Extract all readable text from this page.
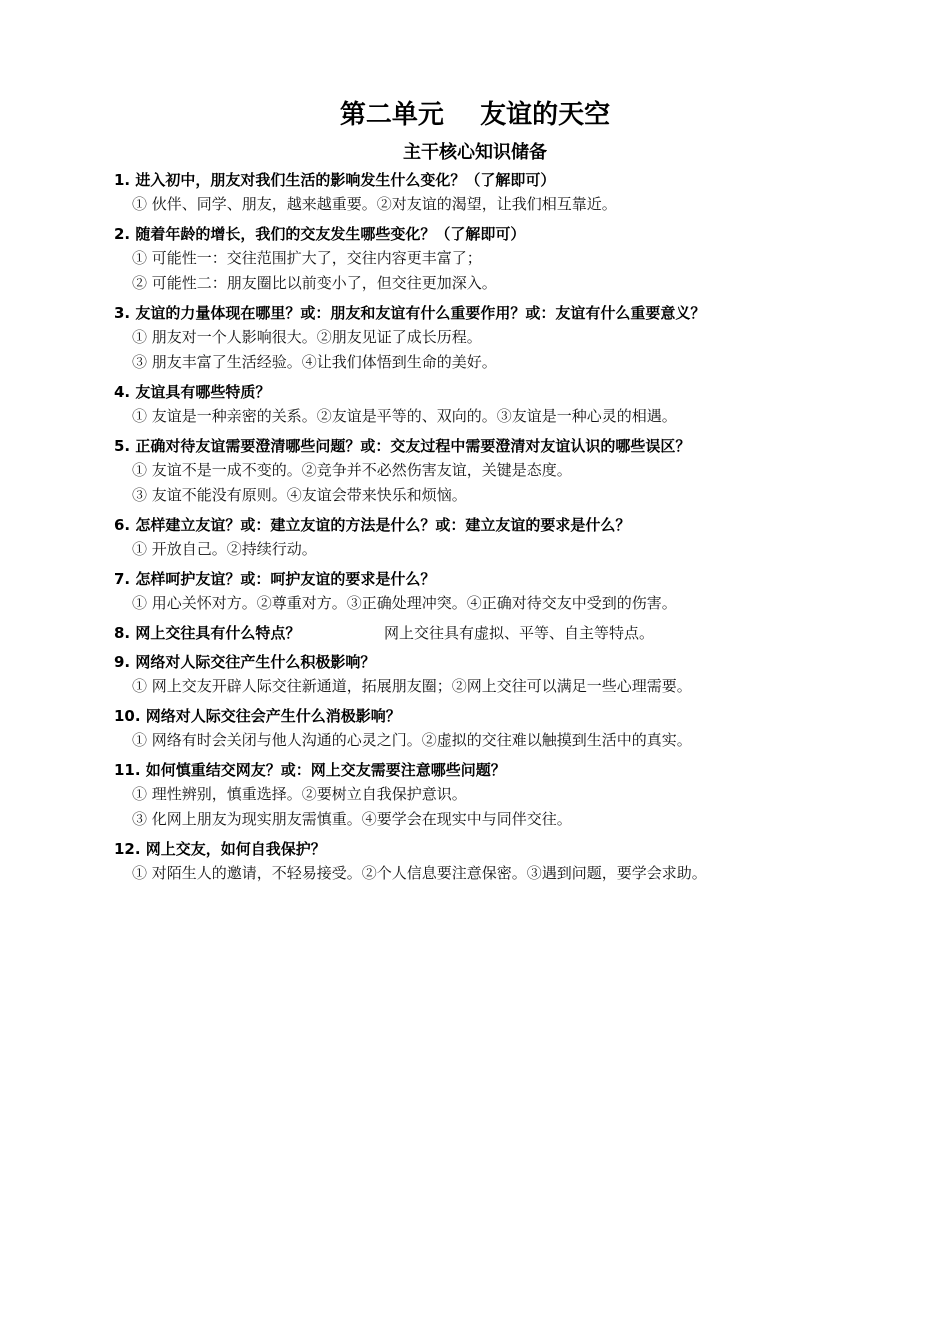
第二单元    友谊的天空
主干核心知识储备
1. 进入初中，朋友对我们生活的影响发生什么变化？（了解即可）
① 伙伴、同学、朋友，越来越重要。②对友谊的渴望，让我们相互靠近。
2. 随着年龄的增长，我们的交友发生哪些变化？（了解即可）
① 可能性一：交往范围扩大了，交往内容更丰富了；
② 可能性二：朋友圈比以前变小了，但交往更加深入。
3. 友谊的力量体现在哪里？或：朋友和友谊有什么重要作用？或：友谊有什么重要意义？
① 朋友对一个人影响很大。②朋友见证了成长历程。
③ 朋友丰富了生活经验。④让我们体悟到生命的美好。
4. 友谊具有哪些特质？
① 友谊是一种亲密的关系。②友谊是平等的、双向的。③友谊是一种心灵的相遇。
5. 正确对待友谊需要澄清哪些问题？或：交友过程中需要澄清对友谊认识的哪些误区？
① 友谊不是一成不变的。②竞争并不必然伤害友谊，关键是态度。
③ 友谊不能没有原则。④友谊会带来快乐和烦恼。
6. 怎样建立友谊？或：建立友谊的方法是什么？或：建立友谊的要求是什么？
① 开放自己。②持续行动。
7. 怎样呵护友谊？或：呵护友谊的要求是什么？
① 用心关怀对方。②尊重对方。③正确处理冲突。④正确对待交友中受到的伤害。
8. 网上交往具有什么特点？	网上交往具有虚拟、平等、自主等特点。
9. 网络对人际交往产生什么积极影响？
① 网上交友开辟人际交往新通道，拓展朋友圈；②网上交往可以满足一些心理需要。
10. 网络对人际交往会产生什么消极影响？
① 网络有时会关闭与他人沟通的心灵之门。②虚拟的交往难以触摸到生活中的真实。
11. 如何慎重结交网友？或：网上交友需要注意哪些问题？
① 理性辨别，慎重选择。②要树立自我保护意识。
③ 化网上朋友为现实朋友需慎重。④要学会在现实中与同伴交往。
12. 网上交友，如何自我保护？
① 对陌生人的邀请，不轻易接受。②个人信息要注意保密。③遇到问题，要学会求助。
